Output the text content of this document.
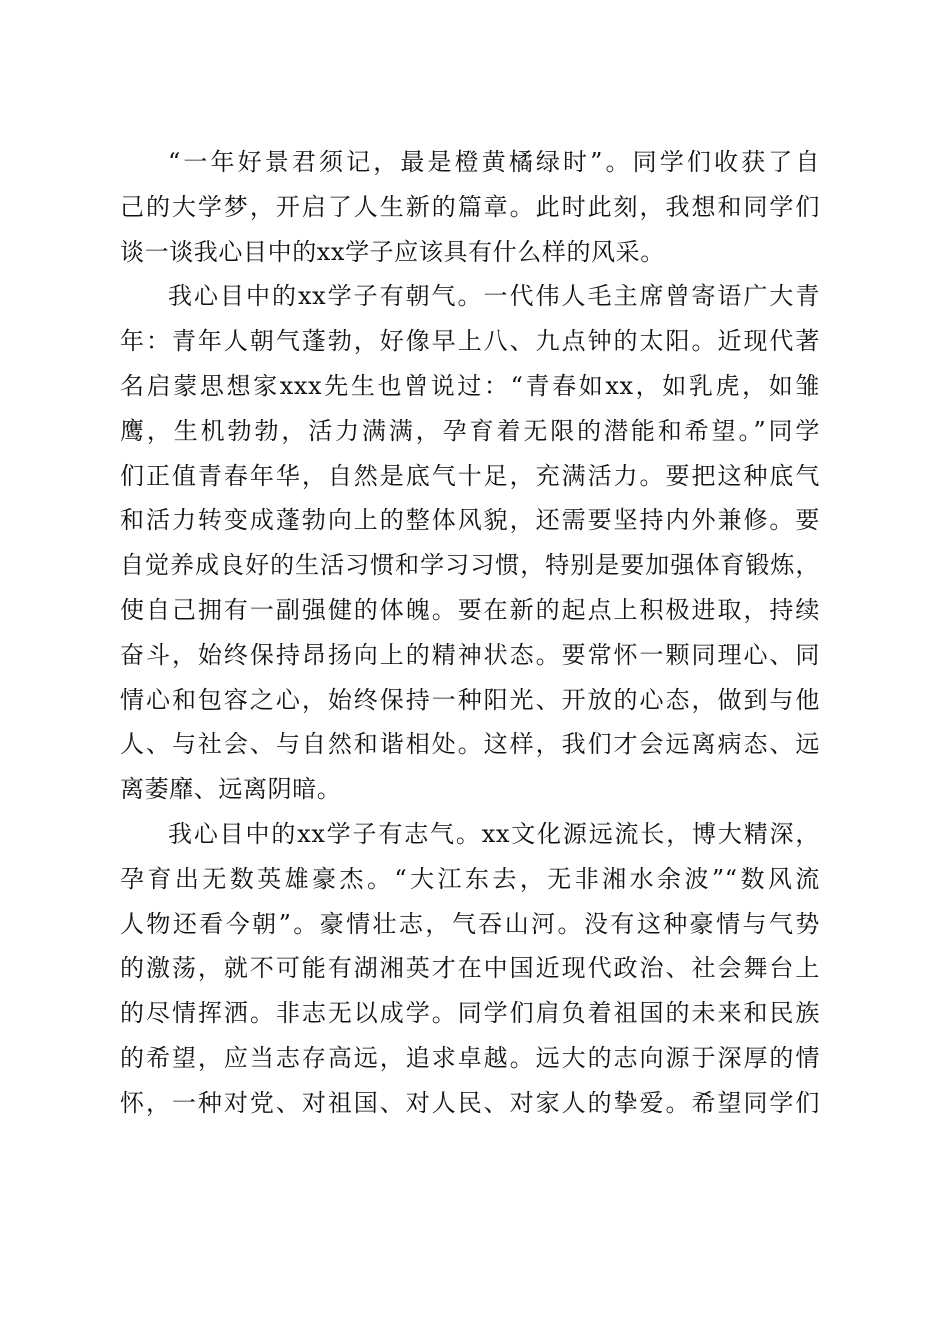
“一年好景君须记，最是橙黄橘绿时”。同学们收获了自
己的大学梦，开启了人生新的篇章。此时此刻，我想和同学们
谈一谈我心目中的xx学子应该具有什么样的风采。

我心目中的xx学子有朝气。一代伟人毛主席曾寄语广大青
年：青年人朝气蓬勃，好像早上八、九点钟的太阳。近现代著
名启蒙思想家xxx先生也曾说过：“青春如xx，如乳虎，如雏
鹰，生机勃勃，活力满满，孕育着无限的潜能和希望。”同学
们正值青春年华，自然是底气十足，充满活力。要把这种底气
和活力转变成蓬勃向上的整体风貌，还需要坚持内外兼修。要
自觉养成良好的生活习惯和学习习惯，特别是要加强体育锻炼，
使自己拥有一副强健的体魄。要在新的起点上积极进取，持续
奋斗，始终保持昂扬向上的精神状态。要常怀一颗同理心、同
情心和包容之心，始终保持一种阳光、开放的心态，做到与他
人、与社会、与自然和谐相处。这样，我们才会远离病态、远
离萎靡、远离阴暗。

我心目中的xx学子有志气。xx文化源远流长，博大精深，
孕育出无数英雄豪杰。“大江东去，无非湘水余波”“数风流
人物还看今朝”。豪情壮志，气吞山河。没有这种豪情与气势
的激荡，就不可能有湖湘英才在中国近现代政治、社会舞台上
的尽情挥洒。非志无以成学。同学们肩负着祖国的未来和民族
的希望，应当志存高远，追求卓越。远大的志向源于深厚的情
怀，一种对党、对祖国、对人民、对家人的挚爱。希望同学们
